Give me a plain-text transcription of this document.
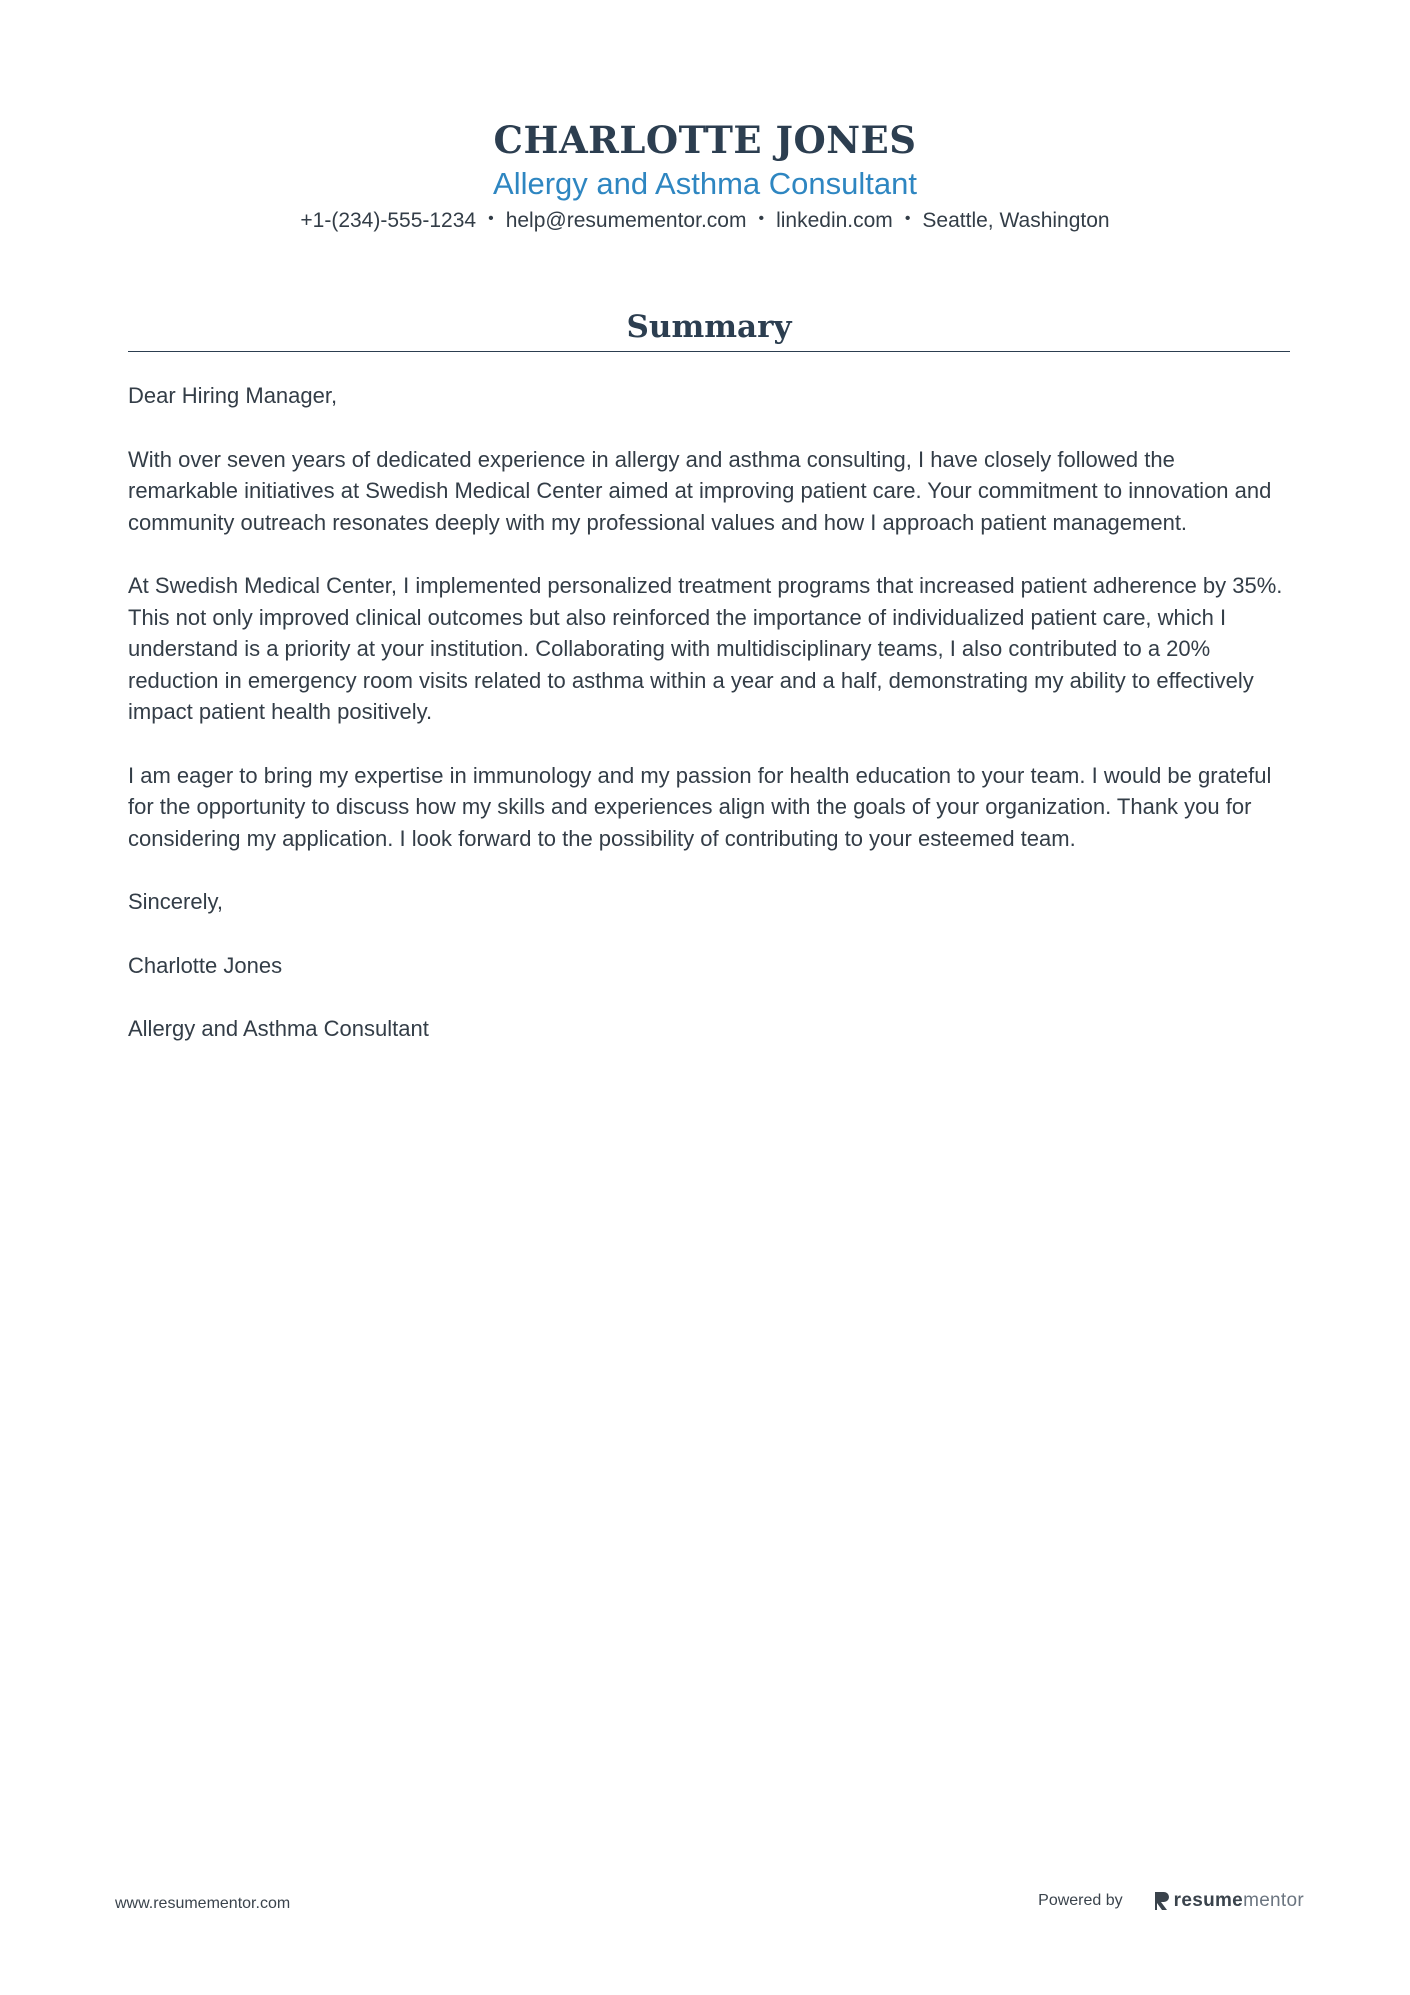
CHARLOTTE JONES
Allergy and Asthma Consultant
+1-(234)-555-1234 • help@resumementor.com • linkedin.com • Seattle, Washington
Summary

Dear Hiring Manager,

With over seven years of dedicated experience in allergy and asthma consulting, I have closely followed the remarkable initiatives at Swedish Medical Center aimed at improving patient care. Your commitment to innovation and community outreach resonates deeply with my professional values and how I approach patient management.

At Swedish Medical Center, I implemented personalized treatment programs that increased patient adherence by 35%. This not only improved clinical outcomes but also reinforced the importance of individualized patient care, which I understand is a priority at your institution. Collaborating with multidisciplinary teams, I also contributed to a 20% reduction in emergency room visits related to asthma within a year and a half, demonstrating my ability to effectively impact patient health positively.

I am eager to bring my expertise in immunology and my passion for health education to your team. I would be grateful for the opportunity to discuss how my skills and experiences align with the goals of your organization. Thank you for considering my application. I look forward to the possibility of contributing to your esteemed team.

Sincerely,

Charlotte Jones

Allergy and Asthma Consultant

www.resumementor.com	Powered by	resume mentor
